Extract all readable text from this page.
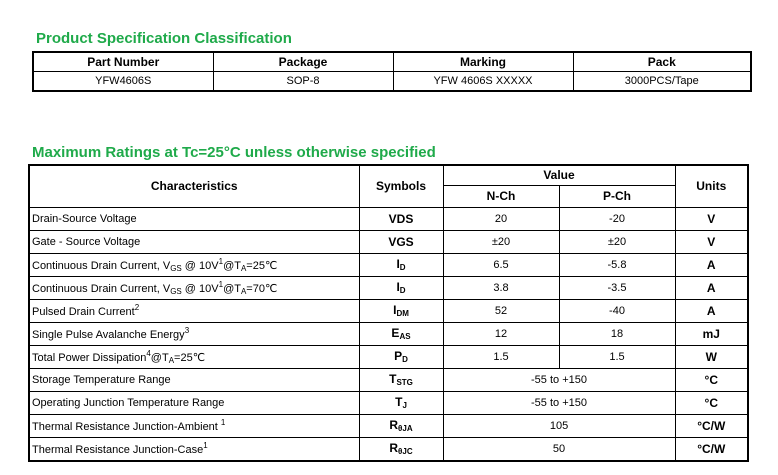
Product Specification Classification
Part Number	Package	Marking	Pack
YFW4606S	SOP-8	YFW 4606S XXXXX	3000PCS/Tape
Maximum Ratings at Tc=25°C unless otherwise specified
Characteristics	Symbols	Value		Units
		N-Ch	P-Ch	
Drain-Source Voltage	VDS	20	-20	V
Gate - Source Voltage	VGS	±20	±20	V
Continuous Drain Current, $V_{GS}$ @ $10V^1@T_A=25℃$	$I_D$	6.5	-5.8	A
Continuous Drain Current, $V_{GS}$ @ $10V^1@T_A=70℃$	$I_D$	3.8	-3.5	A
Pulsed Drain Current$^2$	$I_{DM}$	52	-40	A
Single Pulse Avalanche Energy$^3$	$E_{AS}$	12	18	mJ
Total Power $Dissipation^4@T_A=25℃$	$P_D$	1.5	1.5	W
Storage Temperature Range	$T_{STG}$	-55 to +150		°C
Operating Junction Temperature Range	$T_J$	-55 to +150		°C
Thermal Resistance Junction-Ambient $^1$	$R_{\theta JA}$	105		°C/W
Thermal Resistance Junction-Case$^1$	$R_{\theta JC}$	50		°C/W
